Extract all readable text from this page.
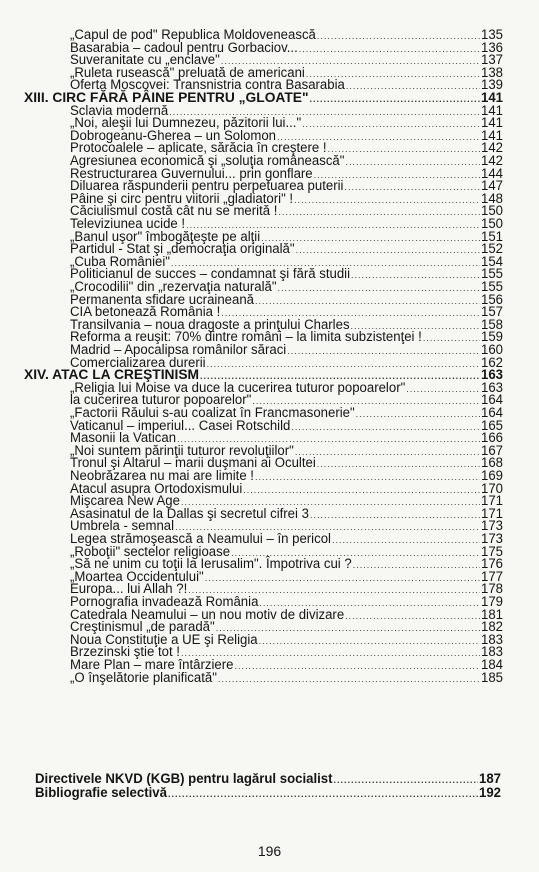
„Capul de pod" Republica Moldovenească .....	135
Basarabia – cadoul pentru Gorbaciov... .....	136
Suveranitate cu „enclave" .....	137
„Ruleta rusească" preluată de americani .....	138
Oferta Moscovei: Transnistria contra Basarabia .....	139
XIII. CIRC FĂRĂ PÂINE PENTRU „GLOATE" .....	141
Sclavia modernă .....	141
„Noi, aleşii lui Dumnezeu, păzitorii lui..." .....	141
Dobrogeanu-Gherea – un Solomon .....	141
Protocoalele – aplicate, sărăcia în creştere ! .....	142
Agresiunea economică şi „soluţia românească" .....	142
Restructurarea Guvernului... prin gonflare .....	144
Diluarea răspunderii pentru perpetuarea puterii .....	147
Pâine şi circ pentru viitorii „gladiatori" ! .....	148
Căciulismul costă cât nu se merită ! .....	150
Televiziunea ucide ! .....	150
„Banul uşor" îmbogăţeşte pe alţii .....	151
Partidul - Stat şi „democraţia originală" .....	152
„Cuba României" .....	154
Politicianul de succes – condamnat şi fără studii .....	155
„Crocodilii" din „rezervaţia naturală" .....	155
Permanenta sfidare ucraineană .....	156
CIA betonează România ! .....	157
Transilvania – noua dragoste a prinţului Charles .....	158
Reforma a reuşit: 70% dintre români – la limita subzistenţei ! .....	159
Madrid – Apocalipsa românilor săraci .....	160
Comercializarea durerii .....	162
XIV. ATAC LA CREŞTINISM .....	163
„Religia lui Moise va duce la cucerirea tuturor popoarelor" .....	163
la cucerirea tuturor popoarelor" .....	164
„Factorii Răului s-au coalizat în Francmasonerie" .....	164
Vaticanul – imperiul... Casei Rotschild .....	165
Masonii la Vatican .....	166
„Noi suntem părinţii tuturor revoluţiilor" .....	167
Tronul şi Altarul – marii duşmani ai Ocultei .....	168
Neobrăzarea nu mai are limite ! .....	169
Atacul asupra Ortodoxismului .....	170
Mişcarea New Age .....	171
Asasinatul de la Dallas şi secretul cifrei 3 .....	171
Umbrela - semnal .....	173
Legea strămoşească a Neamului – în pericol .....	173
„Roboţii" sectelor religioase .....	175
„Să ne unim cu toţii la Ierusalim". Împotriva cui ? .....	176
„Moartea Occidentului" .....	177
Europa... lui Allah ?! .....	178
Pornografia invadează România .....	179
Catedrala Neamului – un nou motiv de divizare .....	181
Creştinismul „de paradă" .....	182
Noua Constituţie a UE şi Religia .....	183
Brzezinski ştie tot ! .....	183
Mare Plan – mare întârziere .....	184
„O înşelătorie planificată" .....	185
Directivele NKVD (KGB) pentru lagărul socialist .....	187
Bibliografie selectivă .....	192
196
